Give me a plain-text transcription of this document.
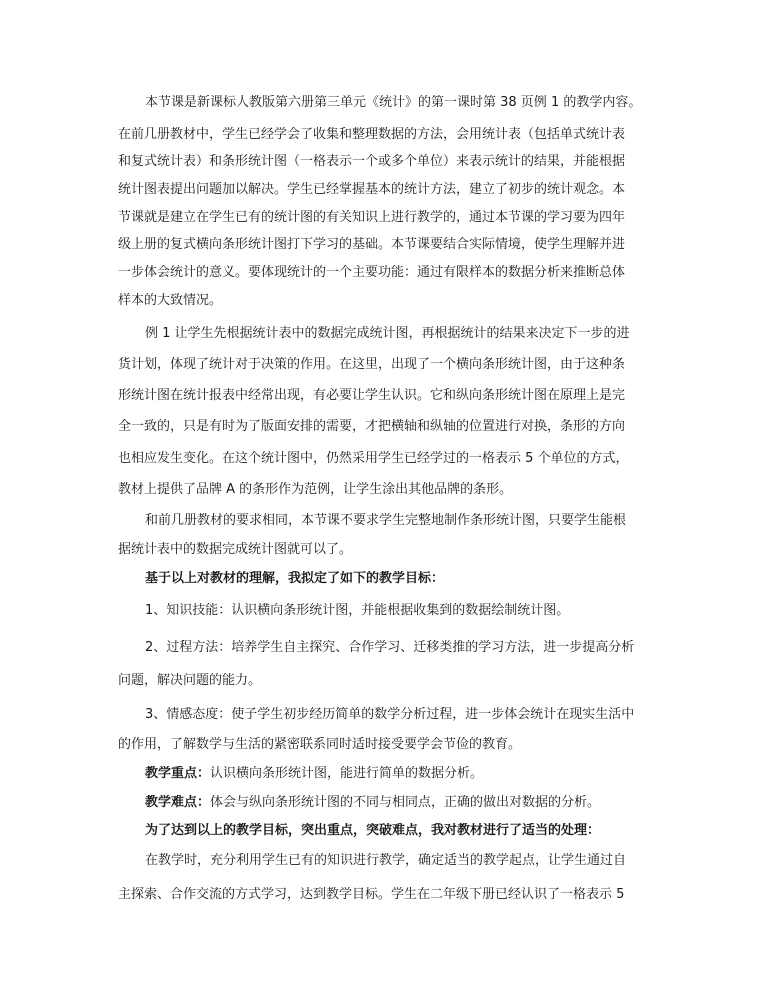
本节课是新课标人教版第六册第三单元《统计》的第一课时第 38 页例 1 的教学内容。
在前几册教材中，学生已经学会了收集和整理数据的方法，会用统计表（包括单式统计表
和复式统计表）和条形统计图（一格表示一个或多个单位）来表示统计的结果，并能根据
统计图表提出问题加以解决。学生已经掌握基本的统计方法，建立了初步的统计观念。本
节课就是建立在学生已有的统计图的有关知识上进行教学的，通过本节课的学习要为四年
级上册的复式横向条形统计图打下学习的基础。本节课要结合实际情境，使学生理解并进
一步体会统计的意义。要体现统计的一个主要功能：通过有限样本的数据分析来推断总体
样本的大致情况。
例 1 让学生先根据统计表中的数据完成统计图，再根据统计的结果来决定下一步的进
货计划，体现了统计对于决策的作用。在这里，出现了一个横向条形统计图，由于这种条
形统计图在统计报表中经常出现，有必要让学生认识。它和纵向条形统计图在原理上是完
全一致的，只是有时为了版面安排的需要，才把横轴和纵轴的位置进行对换，条形的方向
也相应发生变化。在这个统计图中，仍然采用学生已经学过的一格表示 5 个单位的方式，
教材上提供了品牌 A 的条形作为范例，让学生涂出其他品牌的条形。
和前几册教材的要求相同，本节课不要求学生完整地制作条形统计图，只要学生能根
据统计表中的数据完成统计图就可以了。
基于以上对教材的理解，我拟定了如下的教学目标：
1、知识技能：认识横向条形统计图，并能根据收集到的数据绘制统计图。
2、过程方法：培养学生自主探究、合作学习、迁移类推的学习方法，进一步提高分析
问题，解决问题的能力。
3、情感态度：使子学生初步经历简单的数学分析过程，进一步体会统计在现实生活中
的作用，了解数学与生活的紧密联系同时适时接受要学会节俭的教育。
教学重点：认识横向条形统计图，能进行简单的数据分析。
教学难点：体会与纵向条形统计图的不同与相同点，正确的做出对数据的分析。
为了达到以上的教学目标，突出重点，突破难点，我对教材进行了适当的处理：
在教学时，充分利用学生已有的知识进行教学，确定适当的教学起点，让学生通过自
主探索、合作交流的方式学习，达到教学目标。学生在二年级下册已经认识了一格表示 5
